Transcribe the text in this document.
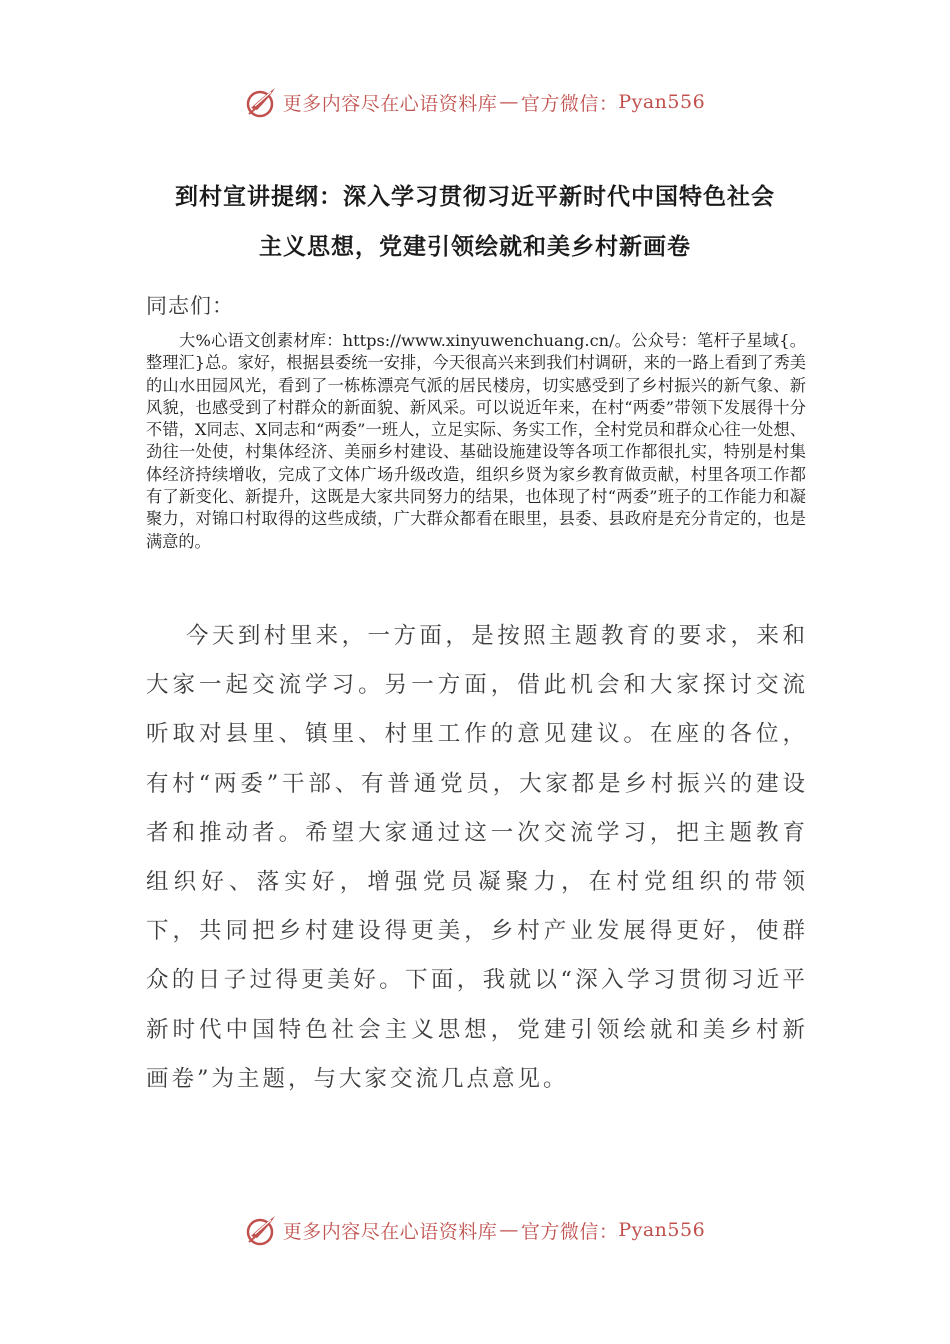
更多内容尽在心语资料库 — 官方微信： Pyan556
到村宣讲提纲：深入学习贯彻习近平新时代中国特色社会
主义思想，党建引领绘就和美乡村新画卷
同志们：

大%心语文创素材库：https://www.xinyuwenchuang.cn/。公众号：笔杆子星域{。整理汇}总。家好，根据县委统一安排，今天很高兴来到我们村调研，来的一路上看到了秀美的山水田园风光，看到了一栋栋漂亮气派的居民楼房，切实感受到了乡村振兴的新气象、新风貌，也感受到了村群众的新面貌、新风采。可以说近年来，在村“两委”带领下发展得十分不错，X同志、X同志和“两委”一班人，立足实际、务实工作，全村党员和群众心往一处想、劲往一处使，村集体经济、美丽乡村建设、基础设施建设等各项工作都很扎实，特别是村集体经济持续增收，完成了文体广场升级改造，组织乡贤为家乡教育做贡献，村里各项工作都有了新变化、新提升，这既是大家共同努力的结果，也体现了村“两委”班子的工作能力和凝聚力，对锦口村取得的这些成绩，广大群众都看在眼里，县委、县政府是充分肯定的，也是满意的。

今天到村里来，一方面，是按照主题教育的要求，来和大家一起交流学习。另一方面，借此机会和大家探讨交流听取对县里、镇里、村里工作的意见建议。在座的各位，有村“两委”干部、有普通党员，大家都是乡村振兴的建设者和推动者。希望大家通过这一次交流学习，把主题教育组织好、落实好，增强党员凝聚力，在村党组织的带领下，共同把乡村建设得更美，乡村产业发展得更好，使群众的日子过得更美好。下面，我就以“深入学习贯彻习近平新时代中国特色社会主义思想，党建引领绘就和美乡村新画卷”为主题，与大家交流几点意见。

更多内容尽在心语资料库 — 官方微信： Pyan556
